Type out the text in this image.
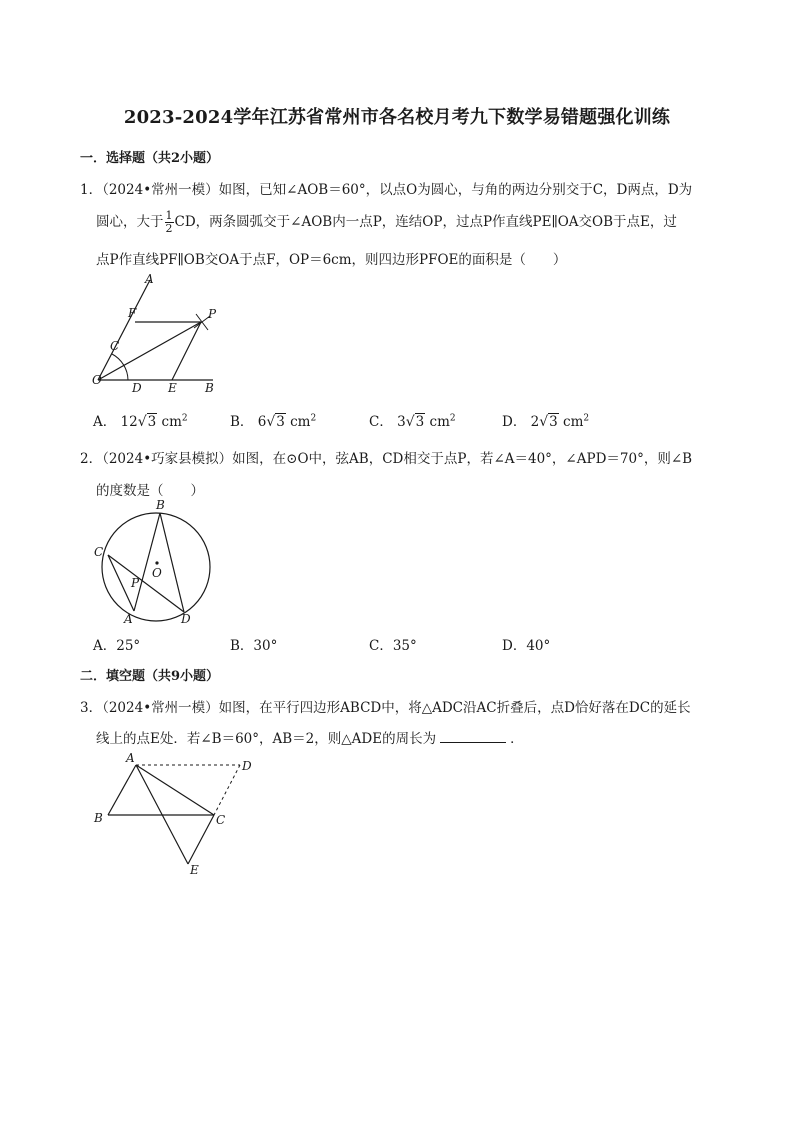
2023-2024学年江苏省常州市各名校月考九下数学易错题强化训练
一．选择题（共2小题）
1．（2024•常州一模）如图，已知∠AOB＝60°，以点O为圆心，与角的两边分别交于C，D两点，D为
圆心，大于 $\frac{1}{2}$ CD，两条圆弧交于∠AOB内一点P，连结OP，过点P作直线PE∥OA交OB于点E，过
点P作直线PF∥OB交OA于点F，OP＝6cm，则四边形PFOE的面积是（　　）
A
F	P
C
O
D E B
A． 12√3 $cm^2$	B． 6√3 $cm^2$	C． 3√3 $cm^2$	D． 2√3 $cm^2$
2．（2024•巧家县模拟）如图，在⊙O中，弦AB，CD相交于点P，若∠A＝40°，∠APD＝70°，则∠B
的度数是（　　）
B
C
O
P
A	D
A．25°	B．30°	C．35°	D．40°
二．填空题（共9小题）
3．（2024•常州一模）如图，在平行四边形ABCD中，将△ADC沿AC折叠后，点D恰好落在DC的延长
线上的点E处．若∠B＝60°，AB＝2，则△ADE的周长为	．
A
D
B	C
E
